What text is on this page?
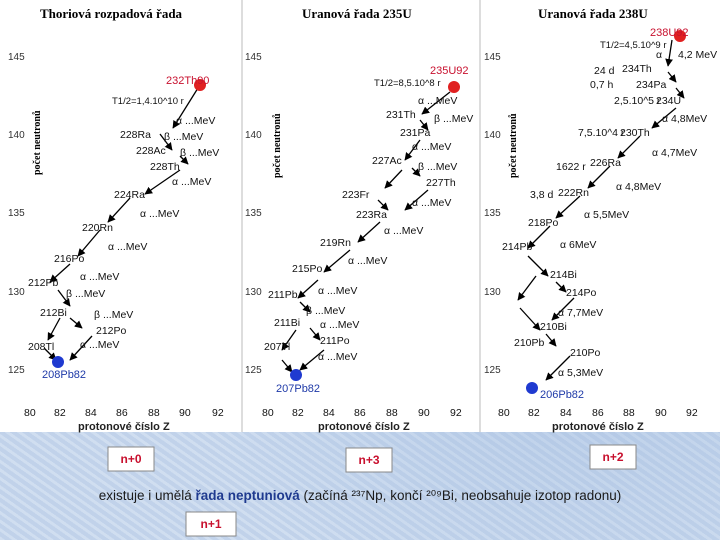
Thoriová rozpadová řada	Uranová řada 235U	Uranová řada 238U
počet neutronů	počet neutronů	počet neutronů
145
140
135
130
125
145
140
135
130
125
145
140
135
130
125
80 82 84 86 88 90 92	80 82 84 86 88 90 92	80 82 84 86 88 90 92
protonové číslo Z	protonové číslo Z	protonové číslo Z
232Th90
T1/2=1,4.10^10 r
α ...MeV
228Ra β ...MeV
228Ac β ...MeV
228Th
α ...MeV
224Ra
α ...MeV
220Rn
α ...MeV
216Po
α ...MeV
212Pb
β ...MeV
212Bi	β ...MeV
208Tl
212Po
α ...MeV
208Pb82
235U92
T1/2=8,5.10^8 r
α ...MeV
231Th β ...MeV
231Pa
α ...MeV
227Ac β ...MeV
227Th
223Fr
α ...MeV
223Ra
α ...MeV
219Rn
α ...MeV
215Po
α ...MeV
211Pb
β ...MeV
211Bi α ...MeV
207Tl	211Po
α ...MeV
207Pb82
238U92
T1/2=4,5.10^9 r
α 4,2 MeV
24 d 234Th
0,7 h 234Pa
2,5.10^5 r
234U
α 4,8MeV
7,5.10^4 r
230Th
α 4,7MeV
1622 r 226Ra
α 4,8MeV
3,8 d 222Rn
α 5,5MeV
218Po
α 6MeV
214Pb
214Bi
214Po
α 7,7MeV
210Bi
210Pb
210Po
α 5,3MeV
206Pb82
n+0	n+3	n+2
n+1
existuje i umělá řada neptuniová (začíná ²³⁷Np, končí ²⁰⁹Bi, neobsahuje izotop radonu)
